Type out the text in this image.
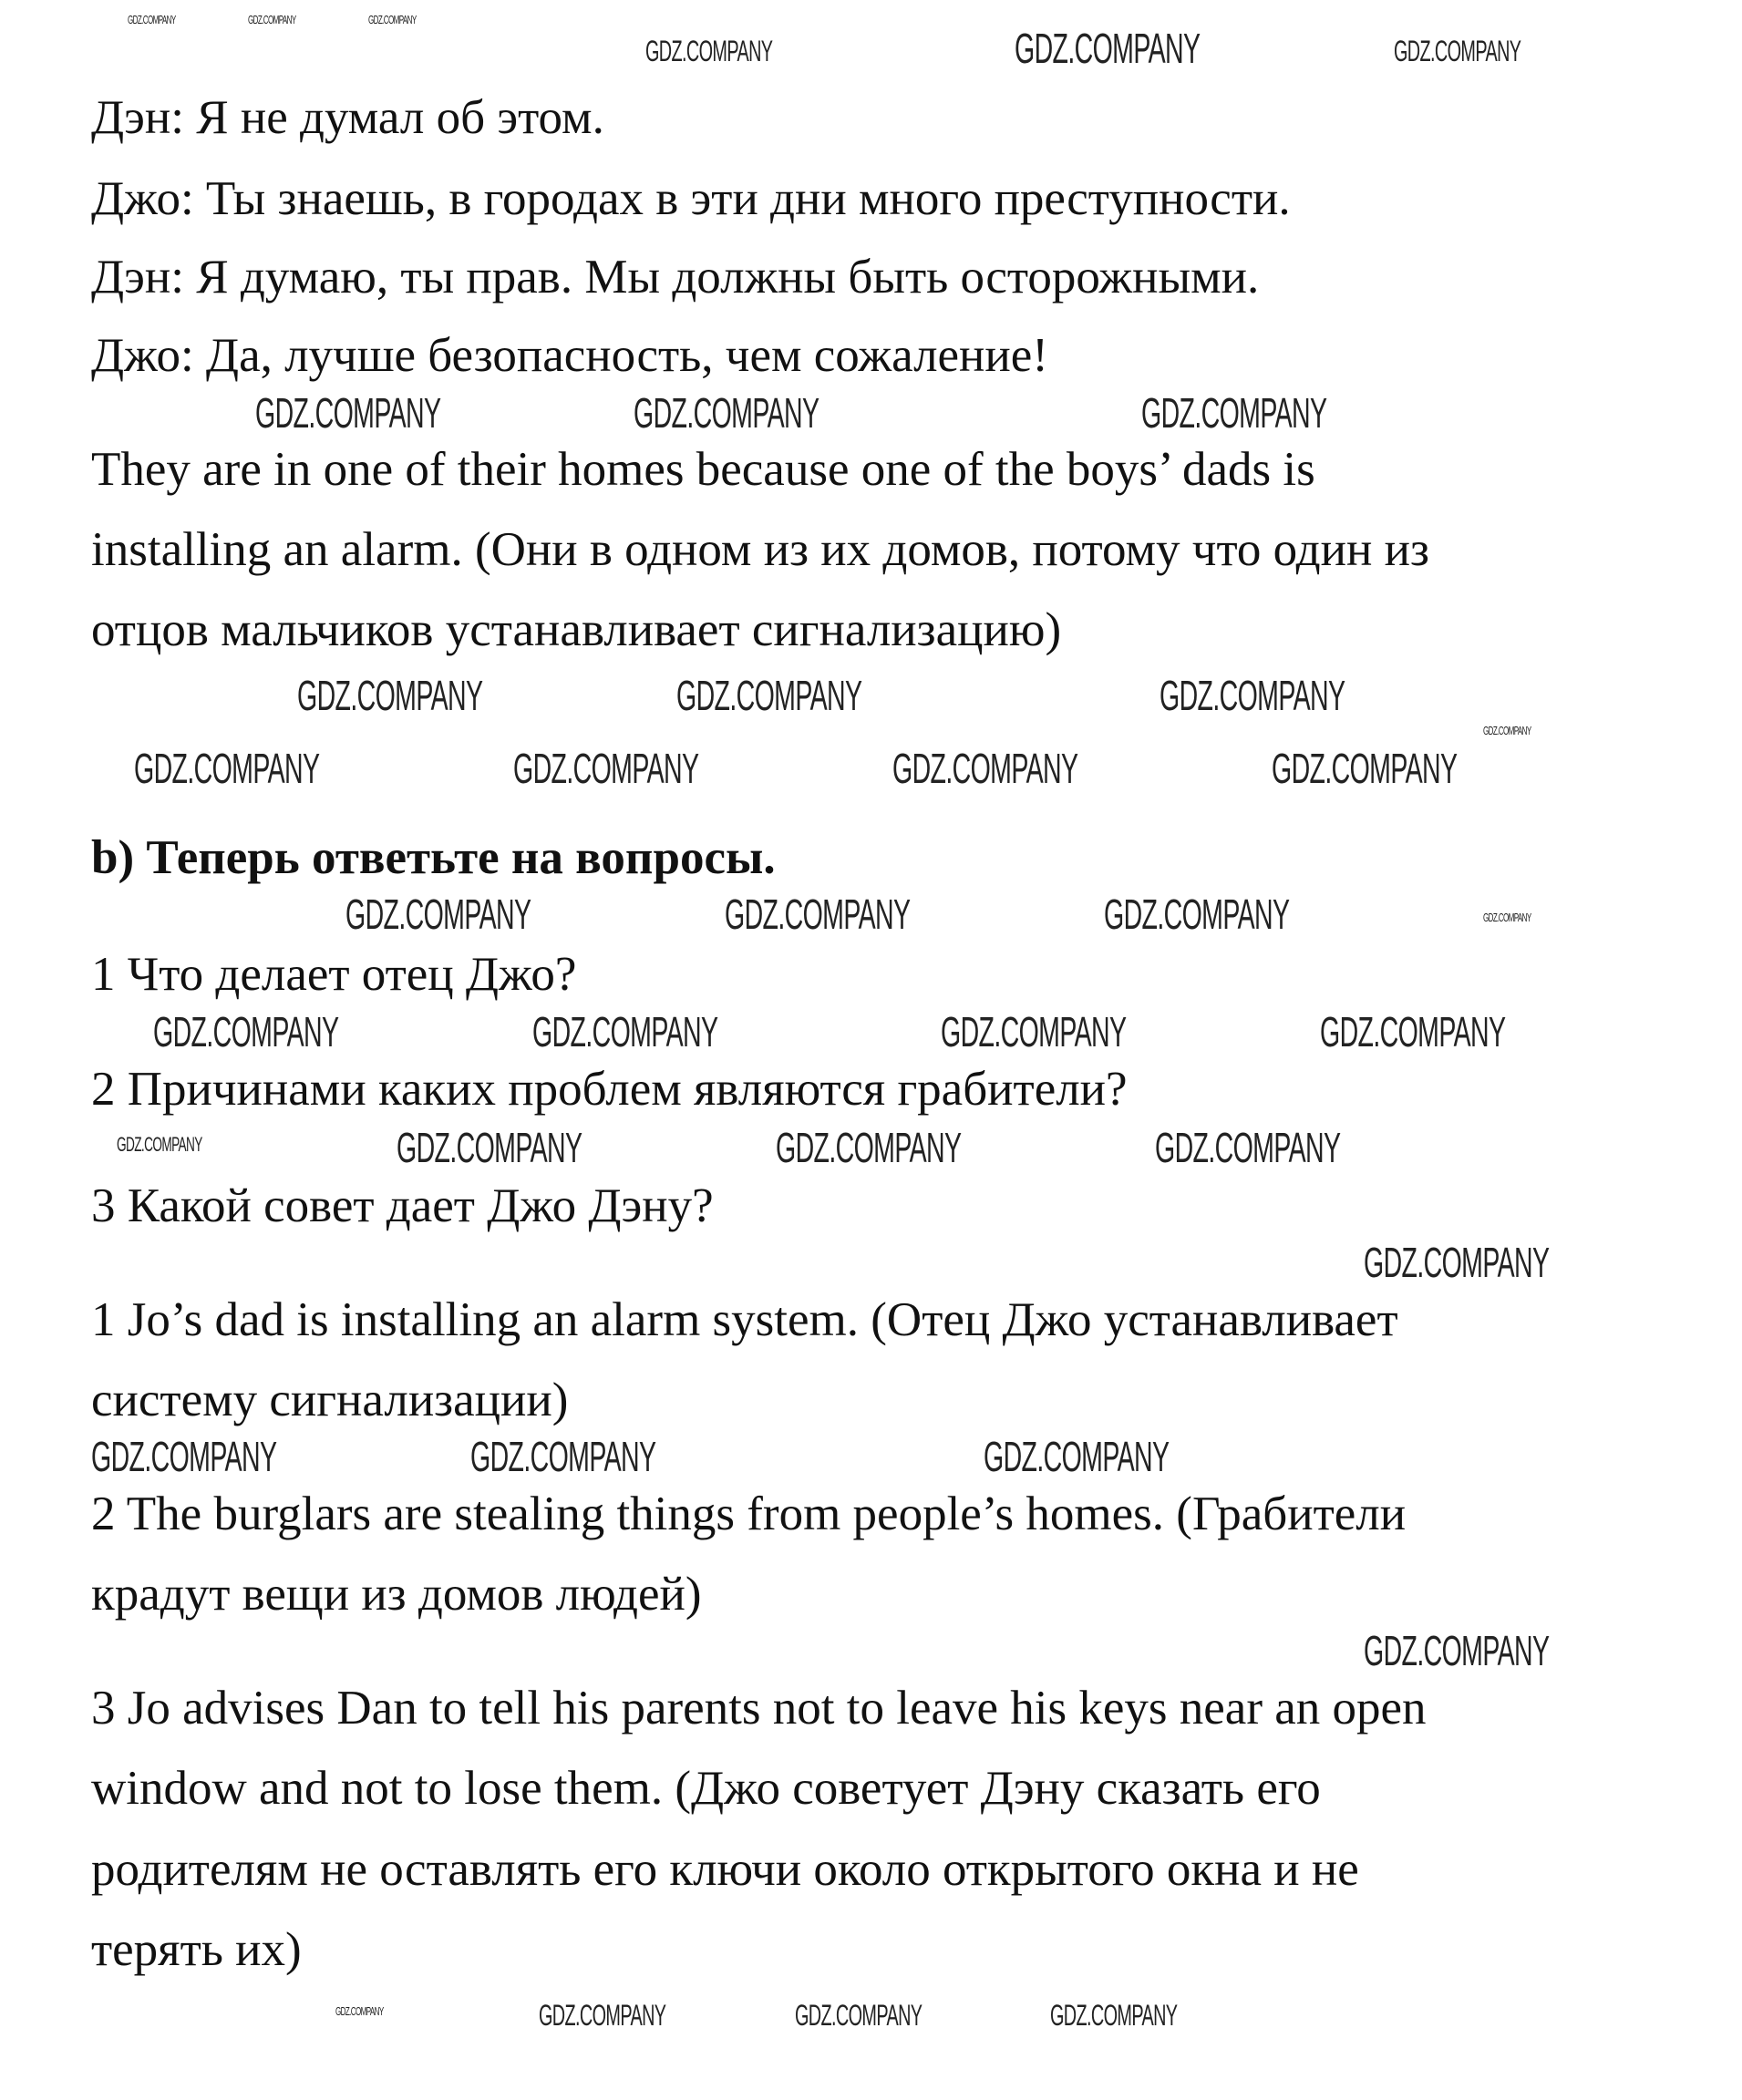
Дэн: Я не думал об этом.
Джо: Ты знаешь, в городах в эти дни много преступности.
Дэн: Я думаю, ты прав. Мы должны быть осторожными.
Джо: Да, лучше безопасность, чем сожаление!
They are in one of their homes because one of the boys’ dads is
installing an alarm. (Они в одном из их домов, потому что один из
отцов мальчиков устанавливает сигнализацию)
b) Теперь ответьте на вопросы.
1 Что делает отец Джо?
2 Причинами каких проблем являются грабители?
3 Какой совет дает Джо Дэну?
1 Jo’s dad is installing an alarm system. (Отец Джо устанавливает
систему сигнализации)
2 The burglars are stealing things from people’s homes. (Грабители
крадут вещи из домов людей)
3 Jo advises Dan to tell his parents not to leave his keys near an open
window and not to lose them. (Джо советует Дэну сказать его
родителям не оставлять его ключи около открытого окна и не
терять их)
GDZ.COMPANY	GDZ.COMPANY	GDZ.COMPANY
GDZ.COMPANY	GDZ.COMPANY	GDZ.COMPANY
GDZ.COMPANY	GDZ.COMPANY	GDZ.COMPANY
GDZ.COMPANY	GDZ.COMPANY	GDZ.COMPANY
GDZ.COMPANY	GDZ.COMPANY	GDZ.COMPANY	GDZ.COMPANY
GDZ.COMPANY
GDZ.COMPANY	GDZ.COMPANY	GDZ.COMPANY	GDZ.COMPANY
GDZ.COMPANY	GDZ.COMPANY	GDZ.COMPANY	GDZ.COMPANY
GDZ.COMPANY	GDZ.COMPANY	GDZ.COMPANY	GDZ.COMPANY
GDZ.COMPANY
GDZ.COMPANY	GDZ.COMPANY	GDZ.COMPANY
GDZ.COMPANY
GDZ.COMPANY	GDZ.COMPANY	GDZ.COMPANY	GDZ.COMPANY
